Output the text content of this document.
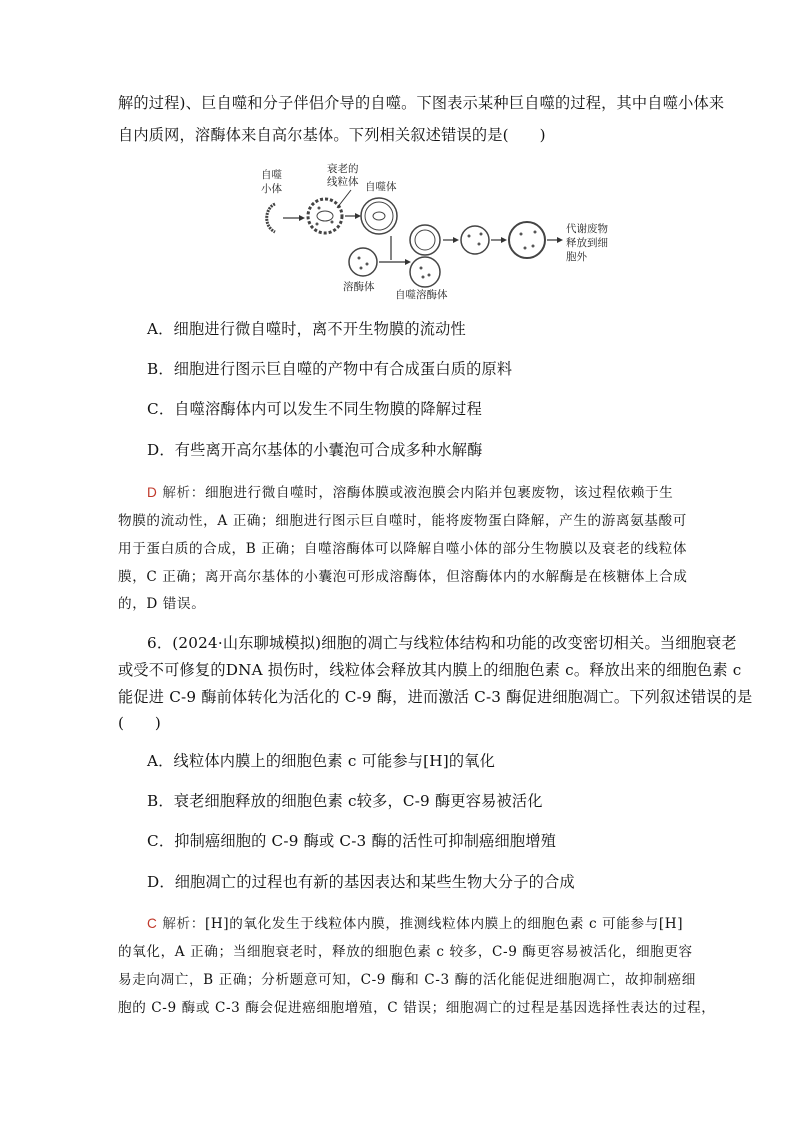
解的过程)、巨自噬和分子伴侣介导的自噬。下图表示某种巨自噬的过程，其中自噬小体来
自内质网，溶酶体来自高尔基体。下列相关叙述错误的是(　　)
自噬
小体
衰老的
线粒体 自噬体
溶酶体
自噬溶酶体
代谢废物
释放到细
胞外
A．细胞进行微自噬时，离不开生物膜的流动性
B．细胞进行图示巨自噬的产物中有合成蛋白质的原料
C．自噬溶酶体内可以发生不同生物膜的降解过程
D．有些离开高尔基体的小囊泡可合成多种水解酶
D 解析：细胞进行微自噬时，溶酶体膜或液泡膜会内陷并包裹废物，该过程依赖于生
物膜的流动性，A 正确；细胞进行图示巨自噬时，能将废物蛋白降解，产生的游离氨基酸可
用于蛋白质的合成，B 正确；自噬溶酶体可以降解自噬小体的部分生物膜以及衰老的线粒体
膜，C 正确；离开高尔基体的小囊泡可形成溶酶体，但溶酶体内的水解酶是在核糖体上合成
的，D 错误。
6．(2024·山东聊城模拟)细胞的凋亡与线粒体结构和功能的改变密切相关。当细胞衰老
或受不可修复的DNA 损伤时，线粒体会释放其内膜上的细胞色素 c。释放出来的细胞色素 c
能促进 C-9 酶前体转化为活化的 C-9 酶，进而激活 C-3 酶促进细胞凋亡。下列叙述错误的是
(　　)
A．线粒体内膜上的细胞色素 c 可能参与[H]的氧化
B．衰老细胞释放的细胞色素 c较多，C-9 酶更容易被活化
C．抑制癌细胞的 C-9 酶或 C-3 酶的活性可抑制癌细胞增殖
D．细胞凋亡的过程也有新的基因表达和某些生物大分子的合成
C 解析：[H]的氧化发生于线粒体内膜，推测线粒体内膜上的细胞色素 c 可能参与[H]
的氧化，A 正确；当细胞衰老时，释放的细胞色素 c 较多，C-9 酶更容易被活化，细胞更容
易走向凋亡，B 正确；分析题意可知，C-9 酶和 C-3 酶的活化能促进细胞凋亡，故抑制癌细
胞的 C-9 酶或 C-3 酶会促进癌细胞增殖，C 错误；细胞凋亡的过程是基因选择性表达的过程，
